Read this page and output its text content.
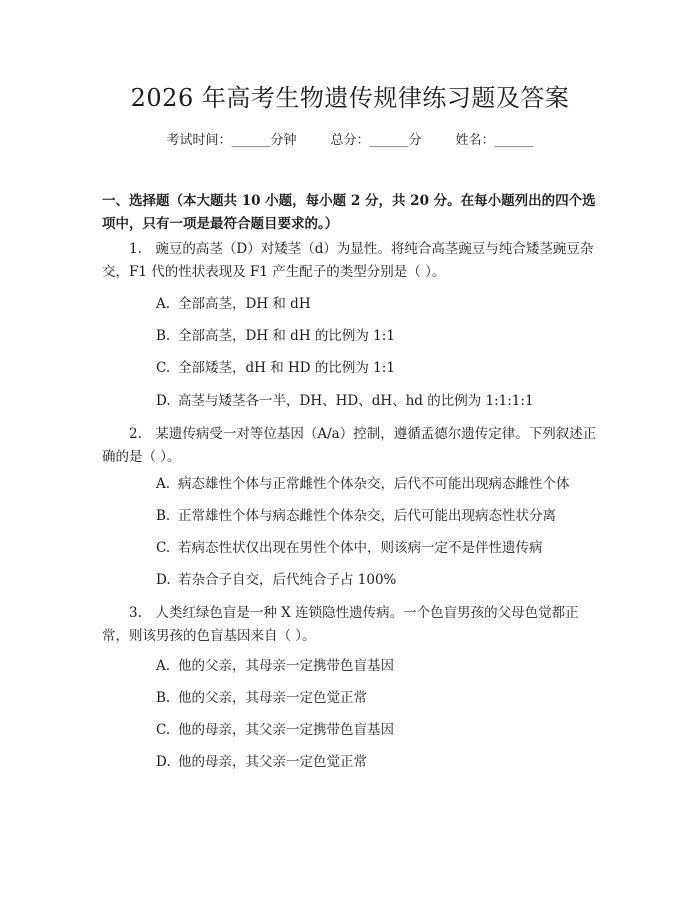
2026 年高考生物遗传规律练习题及答案
考试时间：______分钟	总分：______分	姓名：______
一、选择题（本大题共 10 小题，每小题 2 分，共 20 分。在每小题列出的四个选项中，只有一项是最符合题目要求的。）
1.　豌豆的高茎（D）对矮茎（d）为显性。将纯合高茎豌豆与纯合矮茎豌豆杂交，F1 代的性状表现及 F1 产生配子的类型分别是（ ）。
A. 全部高茎，DH 和 dH
B. 全部高茎，DH 和 dH 的比例为 1:1
C. 全部矮茎，dH 和 HD 的比例为 1:1
D. 高茎与矮茎各一半，DH、HD、dH、hd 的比例为 1:1:1:1
2.　某遗传病受一对等位基因（A/a）控制，遵循孟德尔遗传定律。下列叙述正确的是（ ）。
A. 病态雄性个体与正常雌性个体杂交，后代不可能出现病态雌性个体
B. 正常雄性个体与病态雌性个体杂交，后代可能出现病态性状分离
C. 若病态性状仅出现在男性个体中，则该病一定不是伴性遗传病
D. 若杂合子自交，后代纯合子占 100%
3.　人类红绿色盲是一种 X 连锁隐性遗传病。一个色盲男孩的父母色觉都正常，则该男孩的色盲基因来自（ ）。
A. 他的父亲，其母亲一定携带色盲基因
B. 他的父亲，其母亲一定色觉正常
C. 他的母亲，其父亲一定携带色盲基因
D. 他的母亲，其父亲一定色觉正常
